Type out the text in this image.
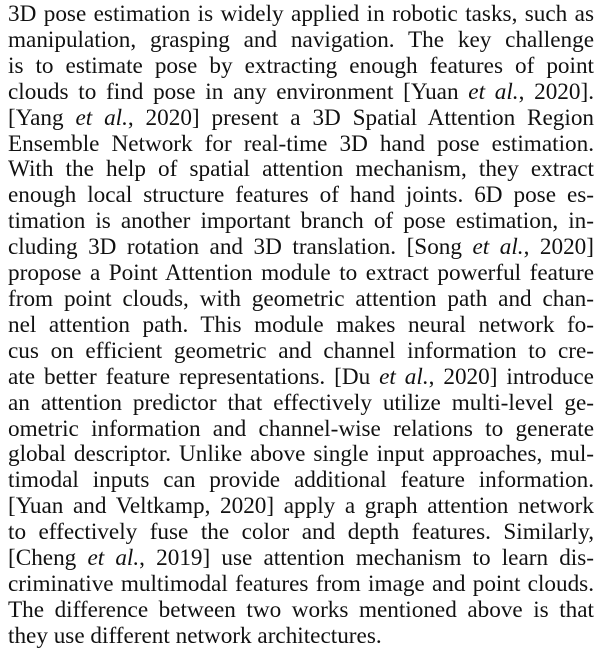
3D pose estimation is widely applied in robotic tasks, such as
manipulation, grasping and navigation. The key challenge
is to estimate pose by extracting enough features of point
clouds to find pose in any environment [Yuan et al., 2020].
[Yang et al., 2020] present a 3D Spatial Attention Region
Ensemble Network for real-time 3D hand pose estimation.
With the help of spatial attention mechanism, they extract
enough local structure features of hand joints. 6D pose es-
timation is another important branch of pose estimation, in-
cluding 3D rotation and 3D translation. [Song et al., 2020]
propose a Point Attention module to extract powerful feature
from point clouds, with geometric attention path and chan-
nel attention path. This module makes neural network fo-
cus on efficient geometric and channel information to cre-
ate better feature representations. [Du et al., 2020] introduce
an attention predictor that effectively utilize multi-level ge-
ometric information and channel-wise relations to generate
global descriptor. Unlike above single input approaches, mul-
timodal inputs can provide additional feature information.
[Yuan and Veltkamp, 2020] apply a graph attention network
to effectively fuse the color and depth features. Similarly,
[Cheng et al., 2019] use attention mechanism to learn dis-
criminative multimodal features from image and point clouds.
The difference between two works mentioned above is that
they use different network architectures.
